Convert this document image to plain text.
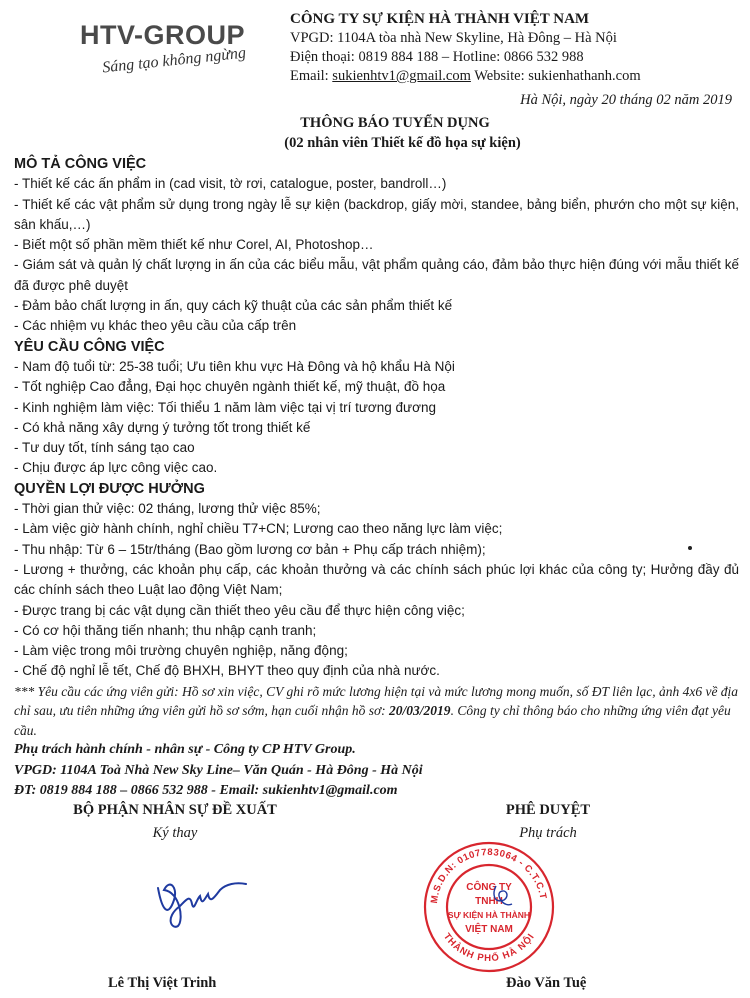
HTV-GROUP
Sáng tạo không ngừng
CÔNG TY SỰ KIỆN HÀ THÀNH VIỆT NAM
VPGD: 1104A tòa nhà New Skyline, Hà Đông – Hà Nội
Điện thoại: 0819 884 188 – Hotline: 0866 532 988
Email: sukienhtv1@gmail.com Website: sukienhathanh.com
Hà Nội, ngày 20 tháng 02 năm 2019
THÔNG BÁO TUYỂN DỤNG
(02 nhân viên Thiết kế đồ họa sự kiện)

MÔ TẢ CÔNG VIỆC

- Thiết kế các ấn phẩm in (cad visit, tờ rơi, catalogue, poster, bandroll…)

- Thiết kế các vật phẩm sử dụng trong ngày lễ sự kiện (backdrop, giấy mời, standee, bảng biển, phướn cho một sự kiện, sân khấu,…)

- Biết một số phần mềm thiết kế như Corel, AI, Photoshop…

- Giám sát và quản lý chất lượng in ấn của các biểu mẫu, vật phẩm quảng cáo, đảm bảo thực hiện đúng với mẫu thiết kế đã được phê duyệt

- Đảm bảo chất lượng in ấn, quy cách kỹ thuật của các sản phẩm thiết kế

- Các nhiệm vụ khác theo yêu cầu của cấp trên

YÊU CẦU CÔNG VIỆC

- Nam độ tuổi từ: 25-38 tuổi; Ưu tiên khu vực Hà Đông và hộ khẩu Hà Nội

- Tốt nghiệp Cao đẳng, Đại học chuyên ngành thiết kế, mỹ thuật, đồ họa

- Kinh nghiệm làm việc: Tối thiểu 1 năm làm việc tại vị trí tương đương

- Có khả năng xây dựng ý tưởng tốt trong thiết kế

- Tư duy tốt, tính sáng tạo cao

- Chịu được áp lực công việc cao.

QUYỀN LỢI ĐƯỢC HƯỞNG

- Thời gian thử việc: 02 tháng, lương thử việc 85%;

- Làm việc giờ hành chính, nghỉ chiều T7+CN; Lương cao theo năng lực làm việc;

- Thu nhập: Từ 6 – 15tr/tháng (Bao gồm lương cơ bản + Phụ cấp trách nhiệm);

- Lương + thưởng, các khoản phụ cấp, các khoản thưởng và các chính sách phúc lợi khác của công ty; Hưởng đầy đủ các chính sách theo Luật lao động Việt Nam;

- Được trang bị các vật dụng cần thiết theo yêu cầu để thực hiện công việc;

- Có cơ hội thăng tiến nhanh; thu nhập cạnh tranh;

- Làm việc trong môi trường chuyên nghiệp, năng động;

- Chế độ nghỉ lễ tết, Chế độ BHXH, BHYT theo quy định của nhà nước.

*** Yêu cầu các ứng viên gửi: Hồ sơ xin việc, CV ghi rõ mức lương hiện tại và mức lương mong muốn, số ĐT liên lạc, ảnh 4x6 về địa chỉ sau, ưu tiên những ứng viên gửi hồ sơ sớm, hạn cuối nhận hồ sơ: 20/03/2019. Công ty chỉ thông báo cho những ứng viên đạt yêu cầu.

Phụ trách hành chính - nhân sự - Công ty CP HTV Group.

VPGD: 1104A Toà Nhà New Sky Line– Văn Quán - Hà Đông - Hà Nội

ĐT: 0819 884 188 – 0866 532 988 - Email: sukienhtv1@gmail.com

BỘ PHẬN NHÂN SỰ ĐỀ XUẤT
Ký thay
PHÊ DUYỆT
Phụ trách
M.S.D.N: 0107783064 - C.T.C.T
THÀNH PHỐ HÀ NỘI
CÔNG TY
TNHH
SỰ KIỆN HÀ THÀNH
VIỆT NAM
Lê Thị Việt Trinh	Đào Văn Tuệ
